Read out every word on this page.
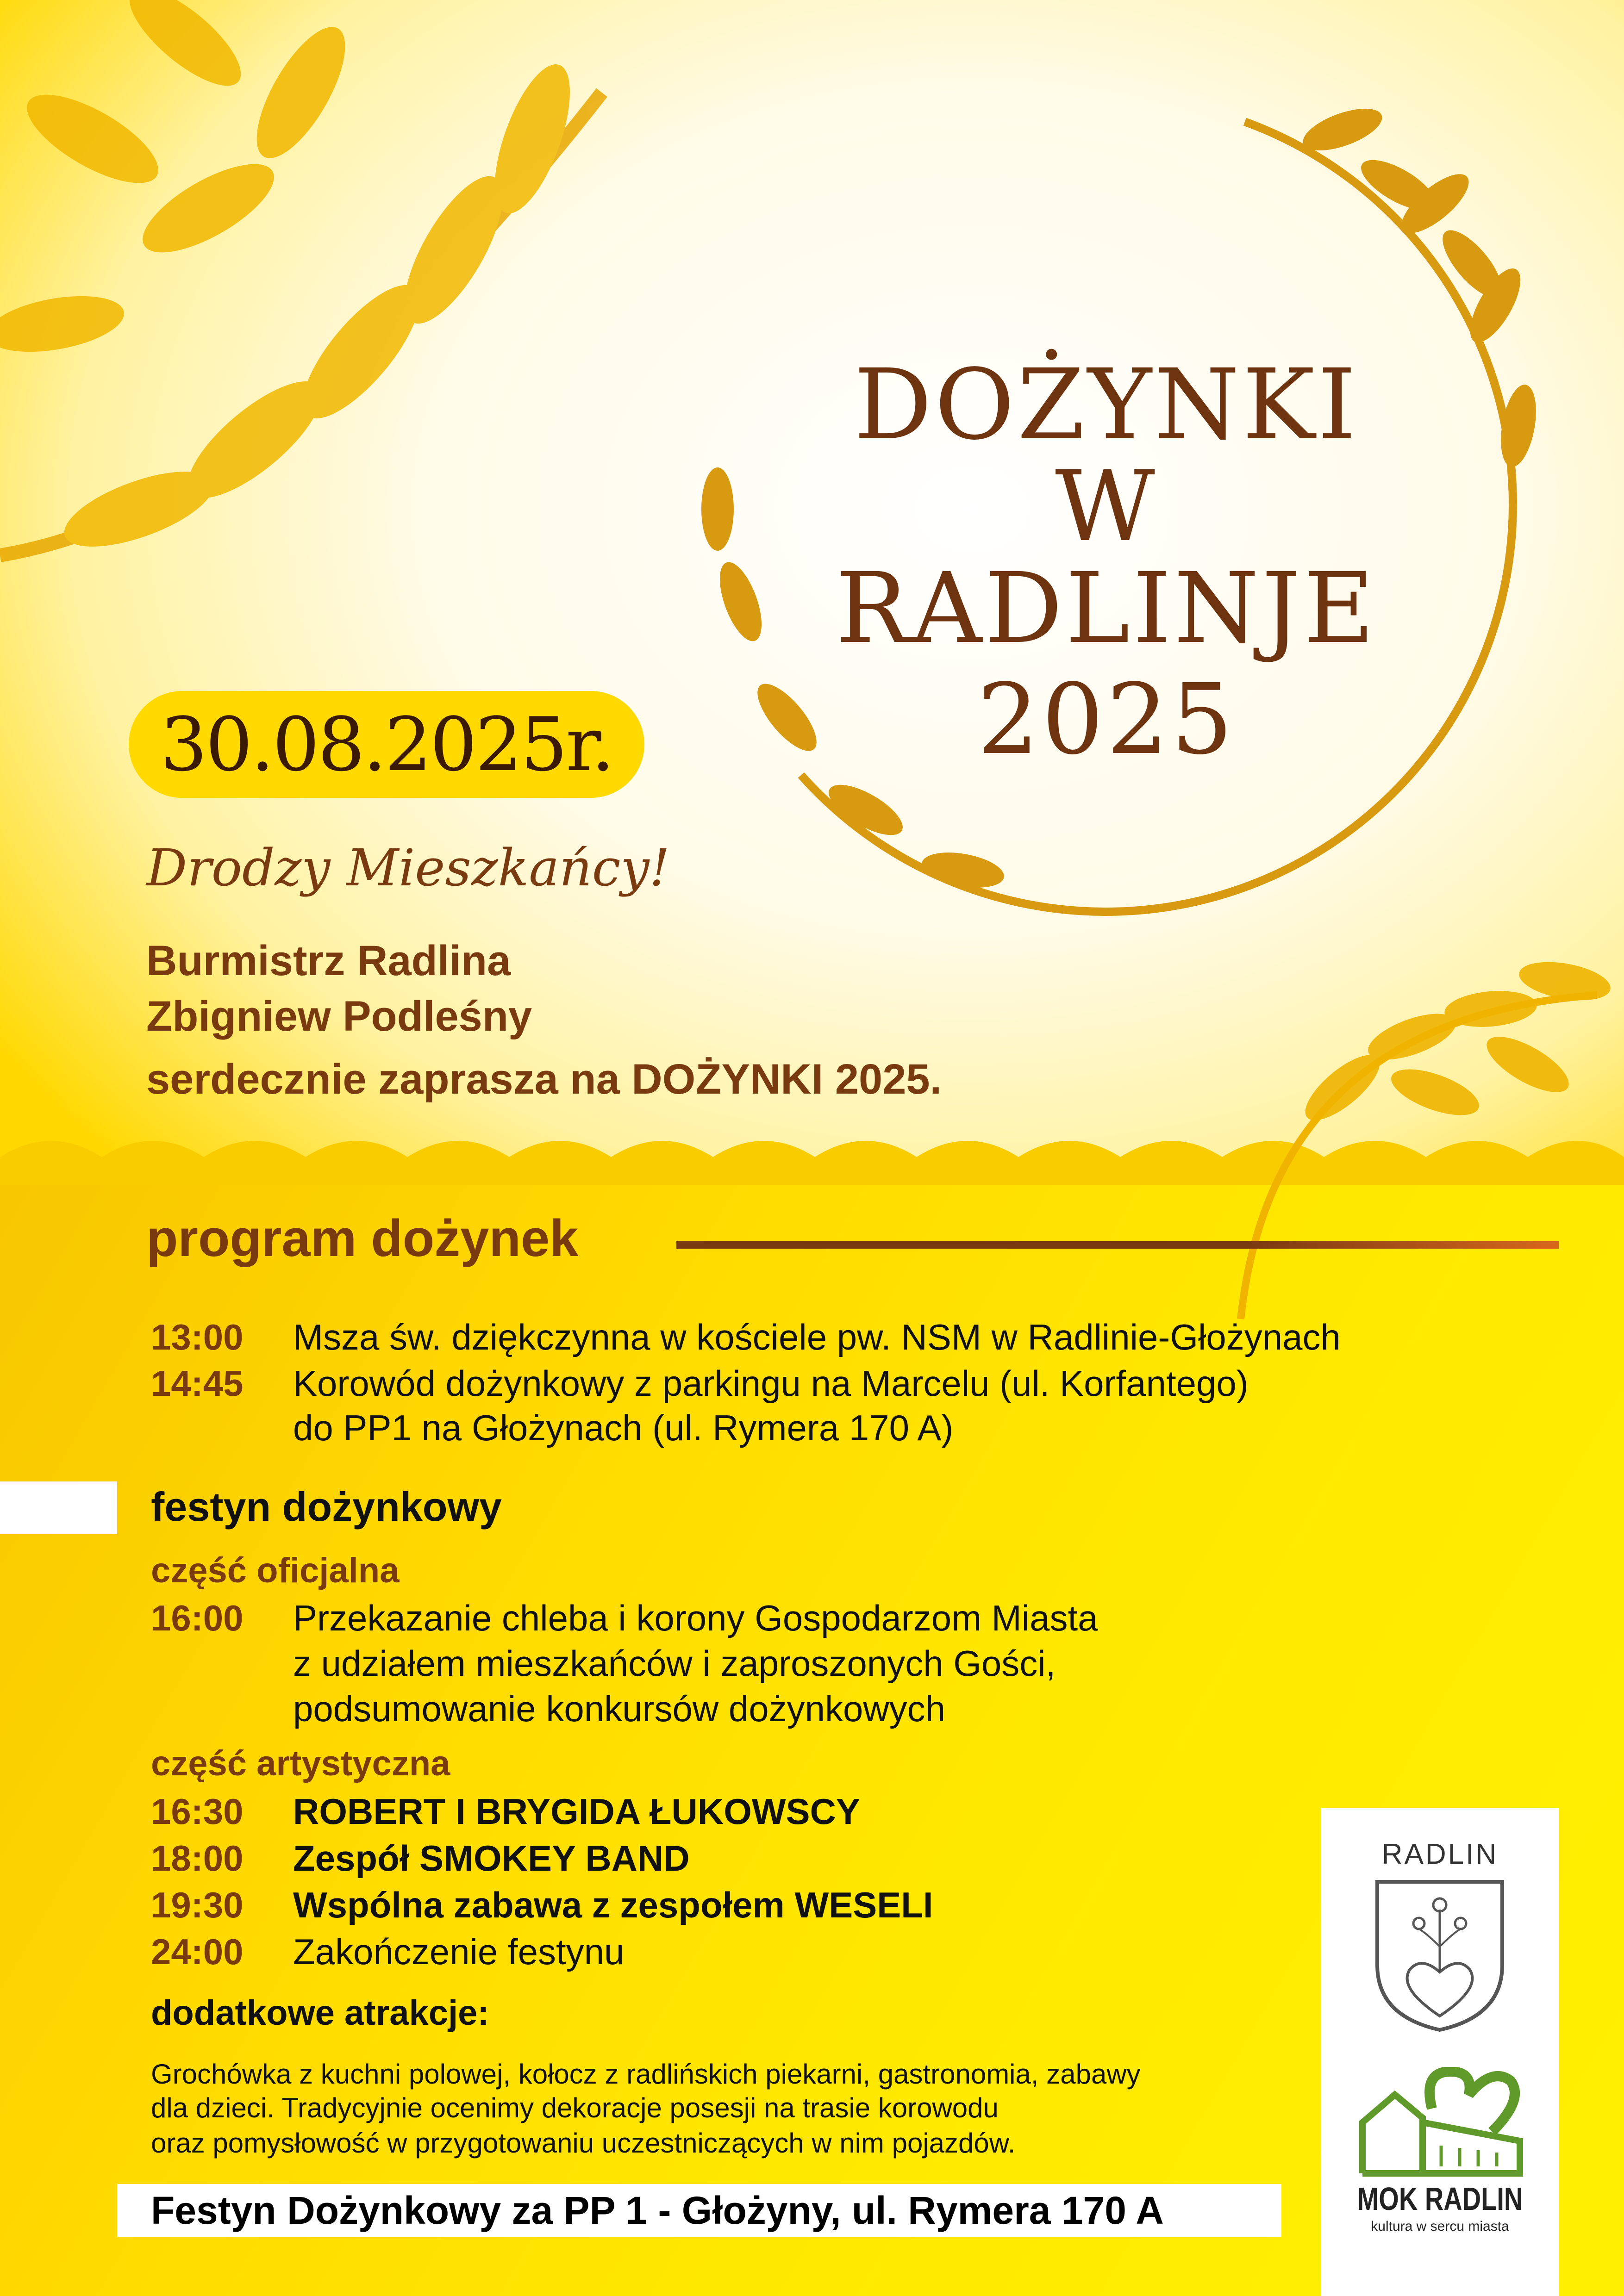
DOŻYNKI
W
RADLINJE
2025
30.08.2025r.
Drodzy Mieszkańcy!
Burmistrz Radlina
Zbigniew Podleśny
serdecznie zaprasza na DOŻYNKI 2025.
program dożynek
13:00 Msza św. dziękczynna w kościele pw. NSM w Radlinie-Głożynach
14:45 Korowód dożynkowy z parkingu na Marcelu (ul. Korfantego)
do PP1 na Głożynach (ul. Rymera 170 A)
festyn dożynkowy
część oficjalna
16:00 Przekazanie chleba i korony Gospodarzom Miasta
z udziałem mieszkańców i zaproszonych Gości,
podsumowanie konkursów dożynkowych
część artystyczna
16:30 ROBERT I BRYGIDA ŁUKOWSCY
18:00 Zespół SMOKEY BAND
19:30 Wspólna zabawa z zespołem WESELI
24:00 Zakończenie festynu
dodatkowe atrakcje:
Grochówka z kuchni polowej, kołocz z radlińskich piekarni, gastronomia, zabawy
dla dzieci. Tradycyjnie ocenimy dekoracje posesji na trasie korowodu
oraz pomysłowość w przygotowaniu uczestniczących w nim pojazdów.
Festyn Dożynkowy za PP 1 - Głożyny, ul. Rymera 170 A
RADLIN
MOK RADLIN
kultura w sercu miasta
